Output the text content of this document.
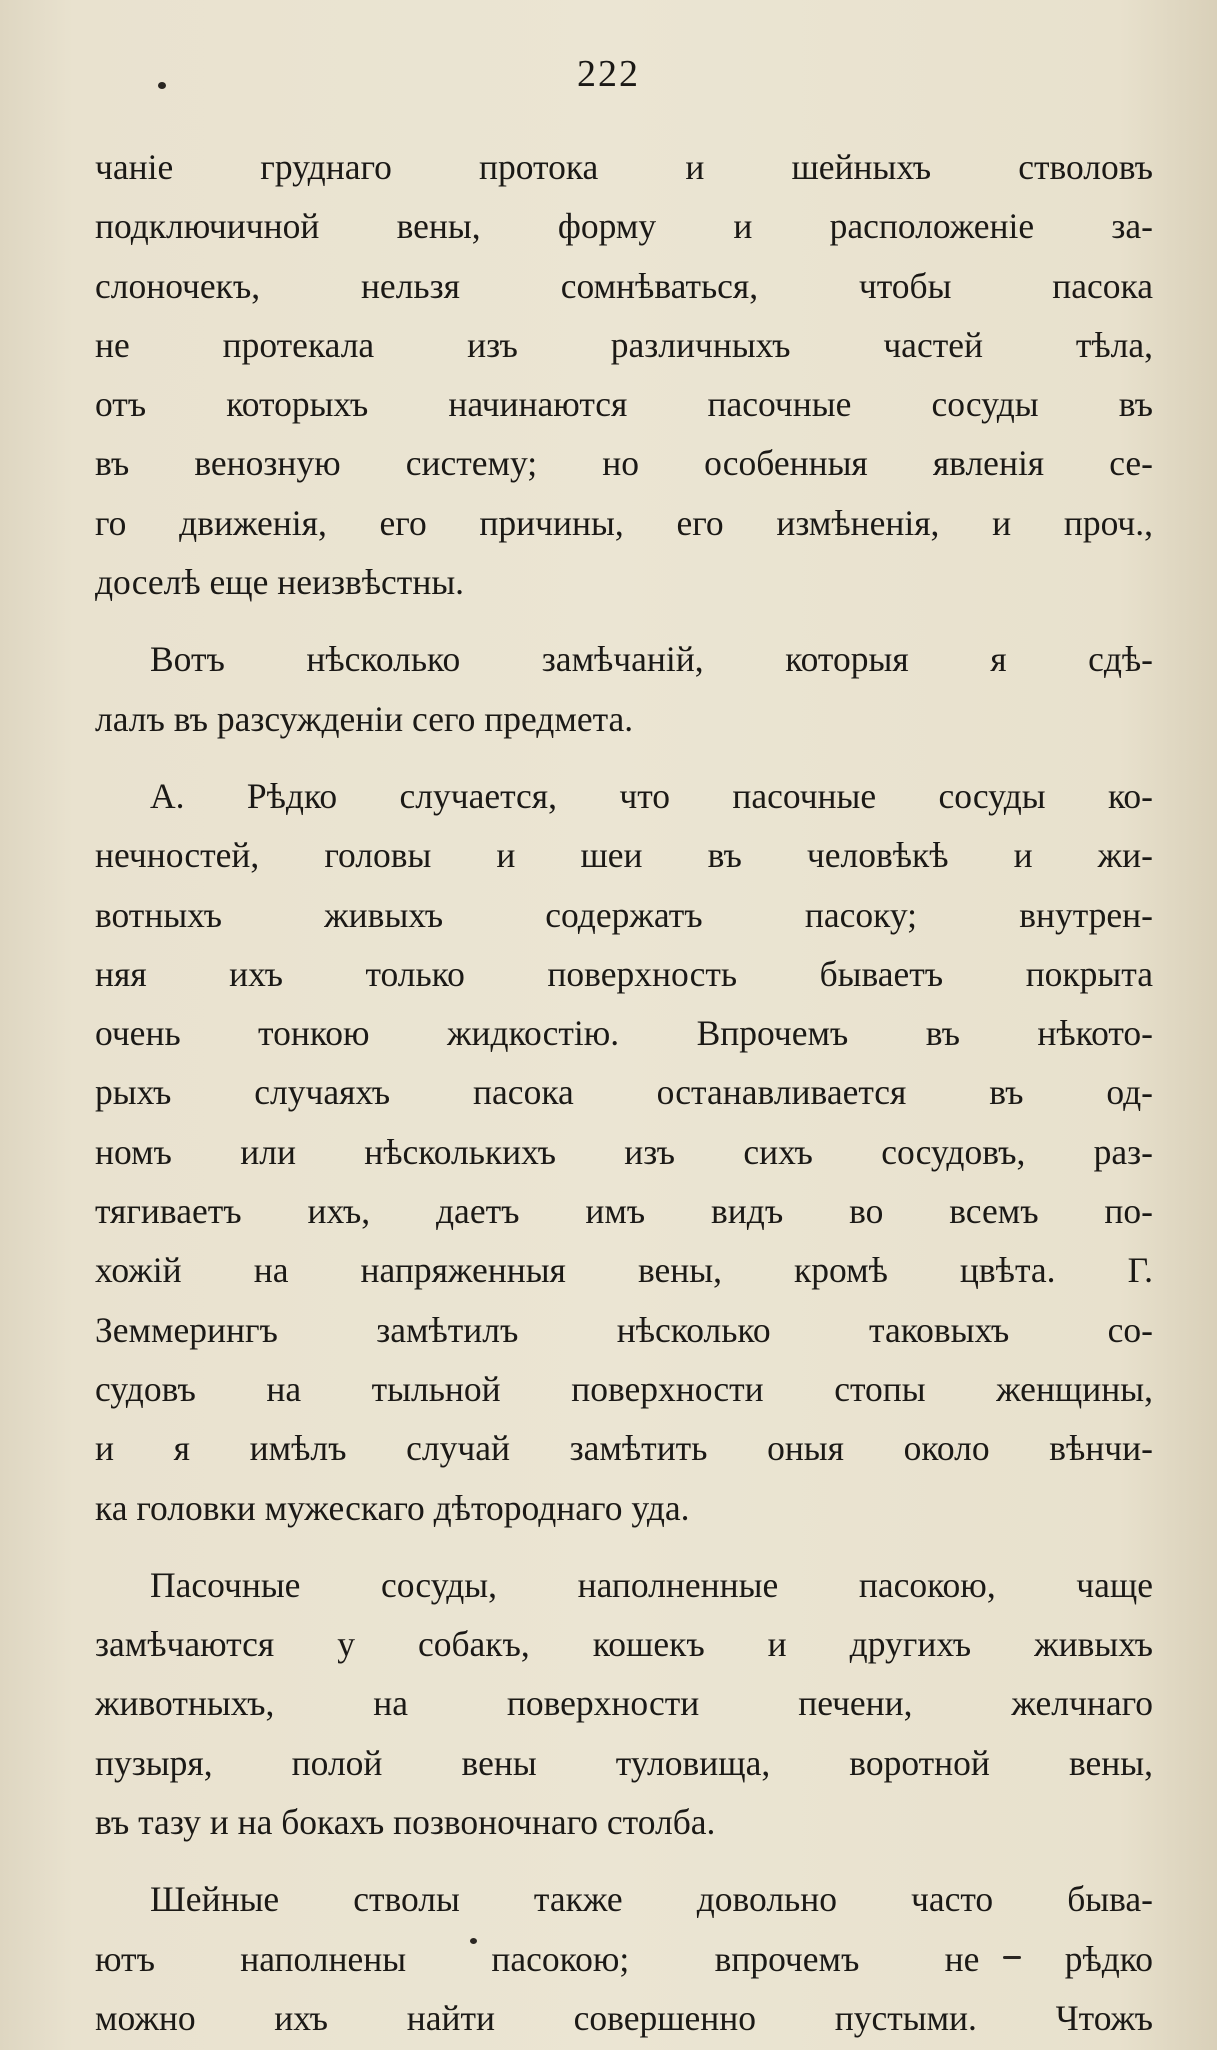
222
чаніе груднаго протока и шейныхъ стволовъ
подключичной вены, форму и расположеніе за-
слоночекъ, нельзя сомнѣваться, чтобы пасока
не протекала изъ различныхъ частей тѣла,
отъ которыхъ начинаются пасочные сосуды въ
въ венозную систему; но особенныя явленія се-
го движенія, его причины, его измѣненія, и проч.,
доселѣ еще неизвѣстны.
Вотъ нѣсколько замѣчаній, которыя я сдѣ-
лалъ въ разсужденіи сего предмета.
А. Рѣдко случается, что пасочные сосуды ко-
нечностей, головы и шеи въ человѣкѣ и жи-
вотныхъ живыхъ содержатъ пасоку; внутрен-
няя ихъ только поверхность бываетъ покрыта
очень тонкою жидкостію. Впрочемъ въ нѣкото-
рыхъ случаяхъ пасока останавливается въ од-
номъ или нѣсколькихъ изъ сихъ сосудовъ, раз-
тягиваетъ ихъ, даетъ имъ видъ во всемъ по-
хожій на напряженныя вены, кромѣ цвѣта. Г.
Земмерингъ замѣтилъ нѣсколько таковыхъ со-
судовъ на тыльной поверхности стопы женщины,
и я имѣлъ случай замѣтить оныя около вѣнчи-
ка головки мужескаго дѣтороднаго уда.
Пасочные сосуды, наполненные пасокою, чаще
замѣчаются у собакъ, кошекъ и другихъ живыхъ
животныхъ, на поверхности печени, желчнаго
пузыря, полой вены туловища, воротной вены,
въ тазу и на бокахъ позвоночнаго столба.
Шейные стволы также довольно часто быва-
ютъ наполнены пасокою; впрочемъ не рѣдко
можно ихъ найти совершенно пустыми. Чтожъ
